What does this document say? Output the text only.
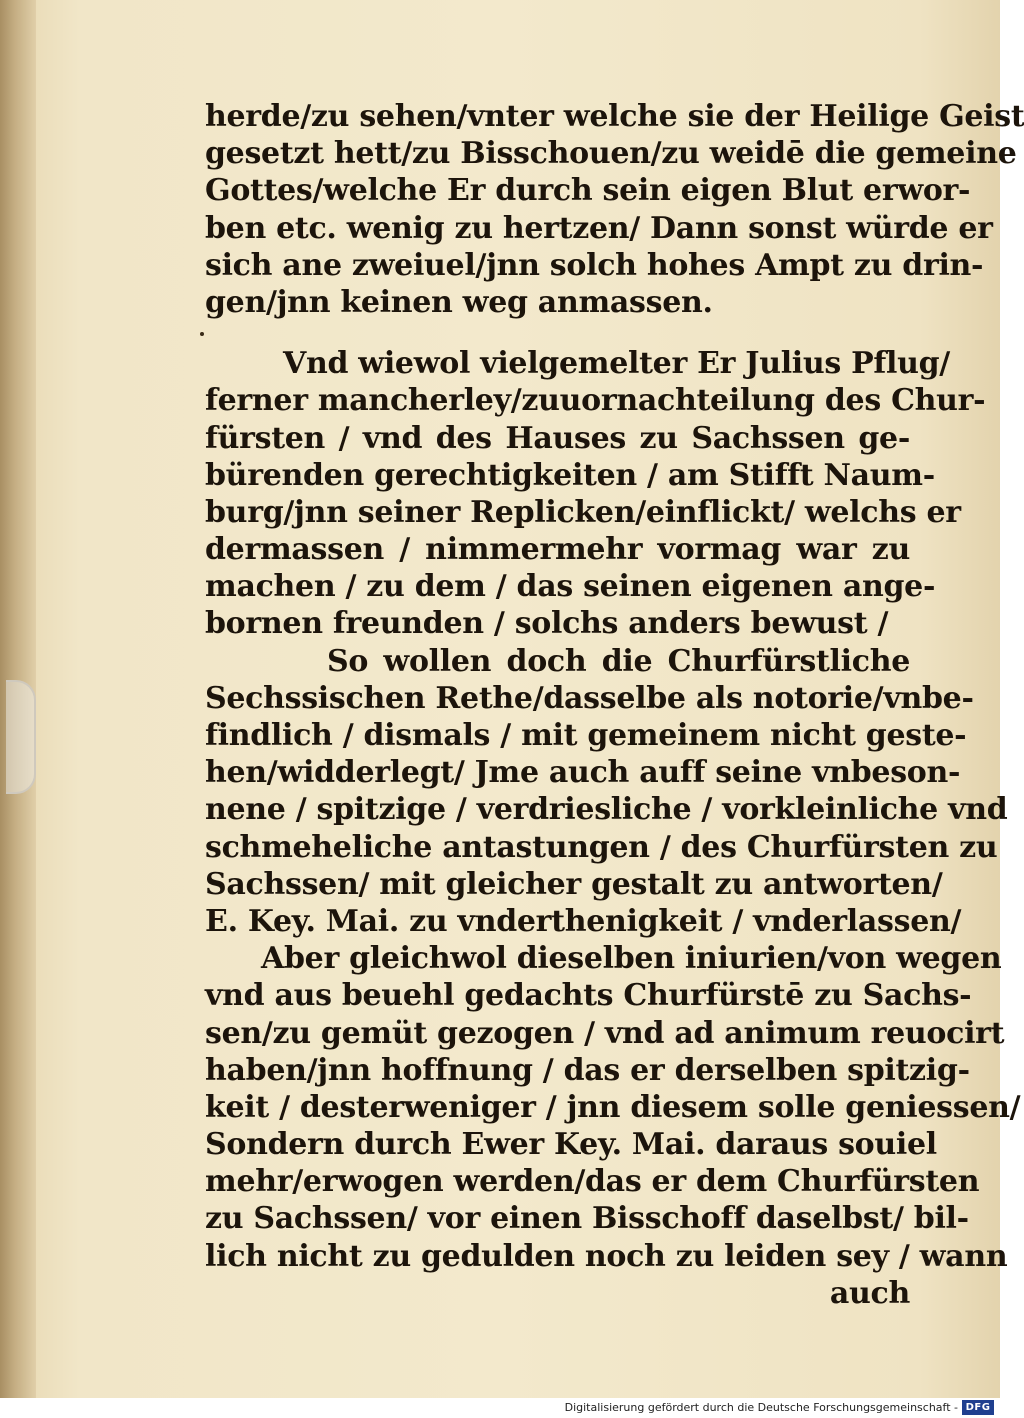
herde/zu sehen/vnter welche sie der Heilige Geist
gesetzt hett/zu Bisschouen/zu weidē die gemeine
Gottes/welche Er durch sein eigen Blut erwor-
ben etc. wenig zu hertzen/ Dann sonst würde er
sich ane zweiuel/jnn solch hohes Ampt zu drin-
gen/jnn keinen weg anmassen.
Vnd wiewol vielgemelter Er Julius Pflug/
ferner mancherley/zuuornachteilung des Chur-
fürsten / vnd des Hauses zu Sachssen ge-
bürenden gerechtigkeiten / am Stifft Naum-
burg/jnn seiner Replicken/einflickt/ welchs er
dermassen / nimmermehr vormag war zu
machen / zu dem / das seinen eigenen ange-
bornen freunden / solchs anders bewust /
So wollen doch die Churfürstliche
Sechssischen Rethe/dasselbe als notorie/vnbe-
findlich / dismals / mit gemeinem nicht geste-
hen/widderlegt/ Jme auch auff seine vnbeson-
nene / spitzige / verdriesliche / vorkleinliche vnd
schmeheliche antastungen / des Churfürsten zu
Sachssen/ mit gleicher gestalt zu antworten/
E. Key. Mai. zu vnderthenigkeit / vnderlassen/
Aber gleichwol dieselben iniurien/von wegen
vnd aus beuehl gedachts Churfürstē zu Sachs-
sen/zu gemüt gezogen / vnd ad animum reuocirt
haben/jnn hoffnung / das er derselben spitzig-
keit / desterweniger / jnn diesem solle geniessen/
Sondern durch Ewer Key. Mai. daraus souiel
mehr/erwogen werden/das er dem Churfürsten
zu Sachssen/ vor einen Bisschoff daselbst/ bil-
lich nicht zu gedulden noch zu leiden sey / wann
auch
Digitalisierung gefördert durch die Deutsche Forschungsgemeinschaft - DFG
